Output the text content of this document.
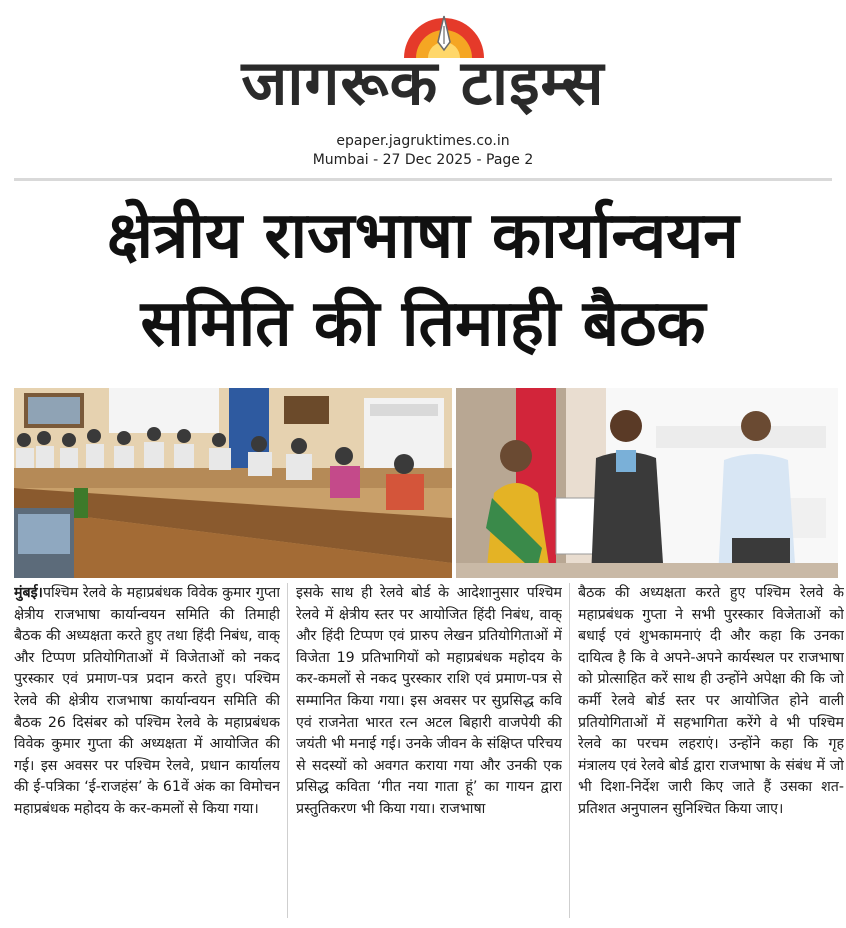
जागरूक टाइम्स
epaper.jagruktimes.co.in
Mumbai - 27 Dec 2025 - Page 2
क्षेत्रीय राजभाषा कार्यान्वयन
समिति की तिमाही बैठक
मुंबई।पश्चिम रेलवे के महाप्रबंधक विवेक कुमार गुप्ता क्षेत्रीय राजभाषा कार्यान्वयन समिति की तिमाही बैठक की अध्यक्षता करते हुए तथा हिंदी निबंध, वाक् और टिप्पण प्रतियोगिताओं में विजेताओं को नकद पुरस्कार एवं प्रमाण-पत्र प्रदान करते हुए। पश्चिम रेलवे की क्षेत्रीय राजभाषा कार्यान्वयन समिति की बैठक 26 दिसंबर को पश्चिम रेलवे के महाप्रबंधक विवेक कुमार गुप्ता की अध्यक्षता में आयोजित की गई। इस अवसर पर पश्चिम रेलवे, प्रधान कार्यालय की ई-पत्रिका ‘ई-राजहंस’ के 61वें अंक का विमोचन महाप्रबंधक महोदय के कर-कमलों से किया गया।
इसके साथ ही रेलवे बोर्ड के आदेशानुसार पश्चिम रेलवे में क्षेत्रीय स्तर पर आयोजित हिंदी निबंध, वाक् और हिंदी टिप्पण एवं प्रारुप लेखन प्रतियोगिताओं में विजेता 19 प्रतिभागियों को महाप्रबंधक महोदय के कर-कमलों से नकद पुरस्कार राशि एवं प्रमाण-पत्र से सम्मानित किया गया। इस अवसर पर सुप्रसिद्ध कवि एवं राजनेता भारत रत्न अटल बिहारी वाजपेयी की जयंती भी मनाई गई। उनके जीवन के संक्षिप्त परिचय से सदस्यों को अवगत कराया गया और उनकी एक प्रसिद्ध कविता ‘गीत नया गाता हूं’ का गायन द्वारा प्रस्तुतिकरण भी किया गया। राजभाषा
बैठक की अध्यक्षता करते हुए पश्चिम रेलवे के महाप्रबंधक गुप्ता ने सभी पुरस्कार विजेताओं को बधाई एवं शुभकामनाएं दी और कहा कि उनका दायित्व है कि वे अपने-अपने कार्यस्थल पर राजभाषा को प्रोत्साहित करें साथ ही उन्होंने अपेक्षा की कि जो कर्मी रेलवे बोर्ड स्तर पर आयोजित होने वाली प्रतियोगिताओं में सहभागिता करेंगे वे भी पश्चिम रेलवे का परचम लहराएं। उन्होंने कहा कि गृह मंत्रालय एवं रेलवे बोर्ड द्वारा राजभाषा के संबंध में जो भी दिशा-निर्देश जारी किए जाते हैं उसका शत-प्रतिशत अनुपालन सुनिश्चित किया जाए।
